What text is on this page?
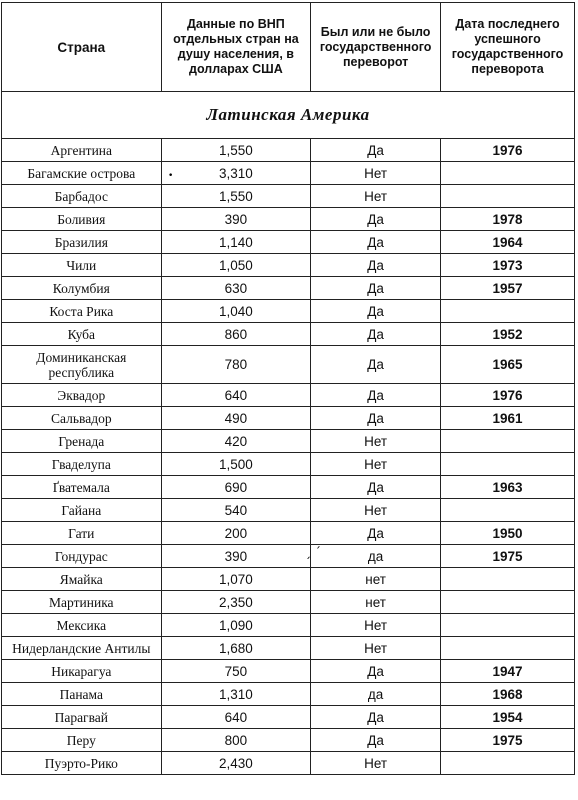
Страна	Данные по ВНП отдельных стран на душу населения, в долларах США	Был или не было государственного переворот	Дата последнего успешного государственного переворота
Латинская Америка			
Аргентина	1,550	Да	1976
Багамские острова	3,310	Нет	
Барбадос	1,550	Нет	
Боливия	390	Да	1978
Бразилия	1,140	Да	1964
Чили	1,050	Да	1973
Колумбия	630	Да	1957
Коста Рика	1,040	Да	
Куба	860	Да	1952
Доминиканская республика	780	Да	1965
Эквадор	640	Да	1976
Сальвадор	490	Да	1961
Гренада	420	Нет	
Гваделупа	1,500	Нет	
Ґватемала	690	Да	1963
Гайана	540	Нет	
Гати	200	Да	1950
Гондурас	390	да	1975
Ямайка	1,070	нет	
Мартиника	2,350	нет	
Мексика	1,090	Нет	
Нидерландские Антилы	1,680	Нет	
Никарагуа	750	Да	1947
Панама	1,310	да	1968
Парагвай	640	Да	1954
Перу	800	Да	1975
Пуэрто-Рико	2,430	Нет	
•
ˏ ˊ
